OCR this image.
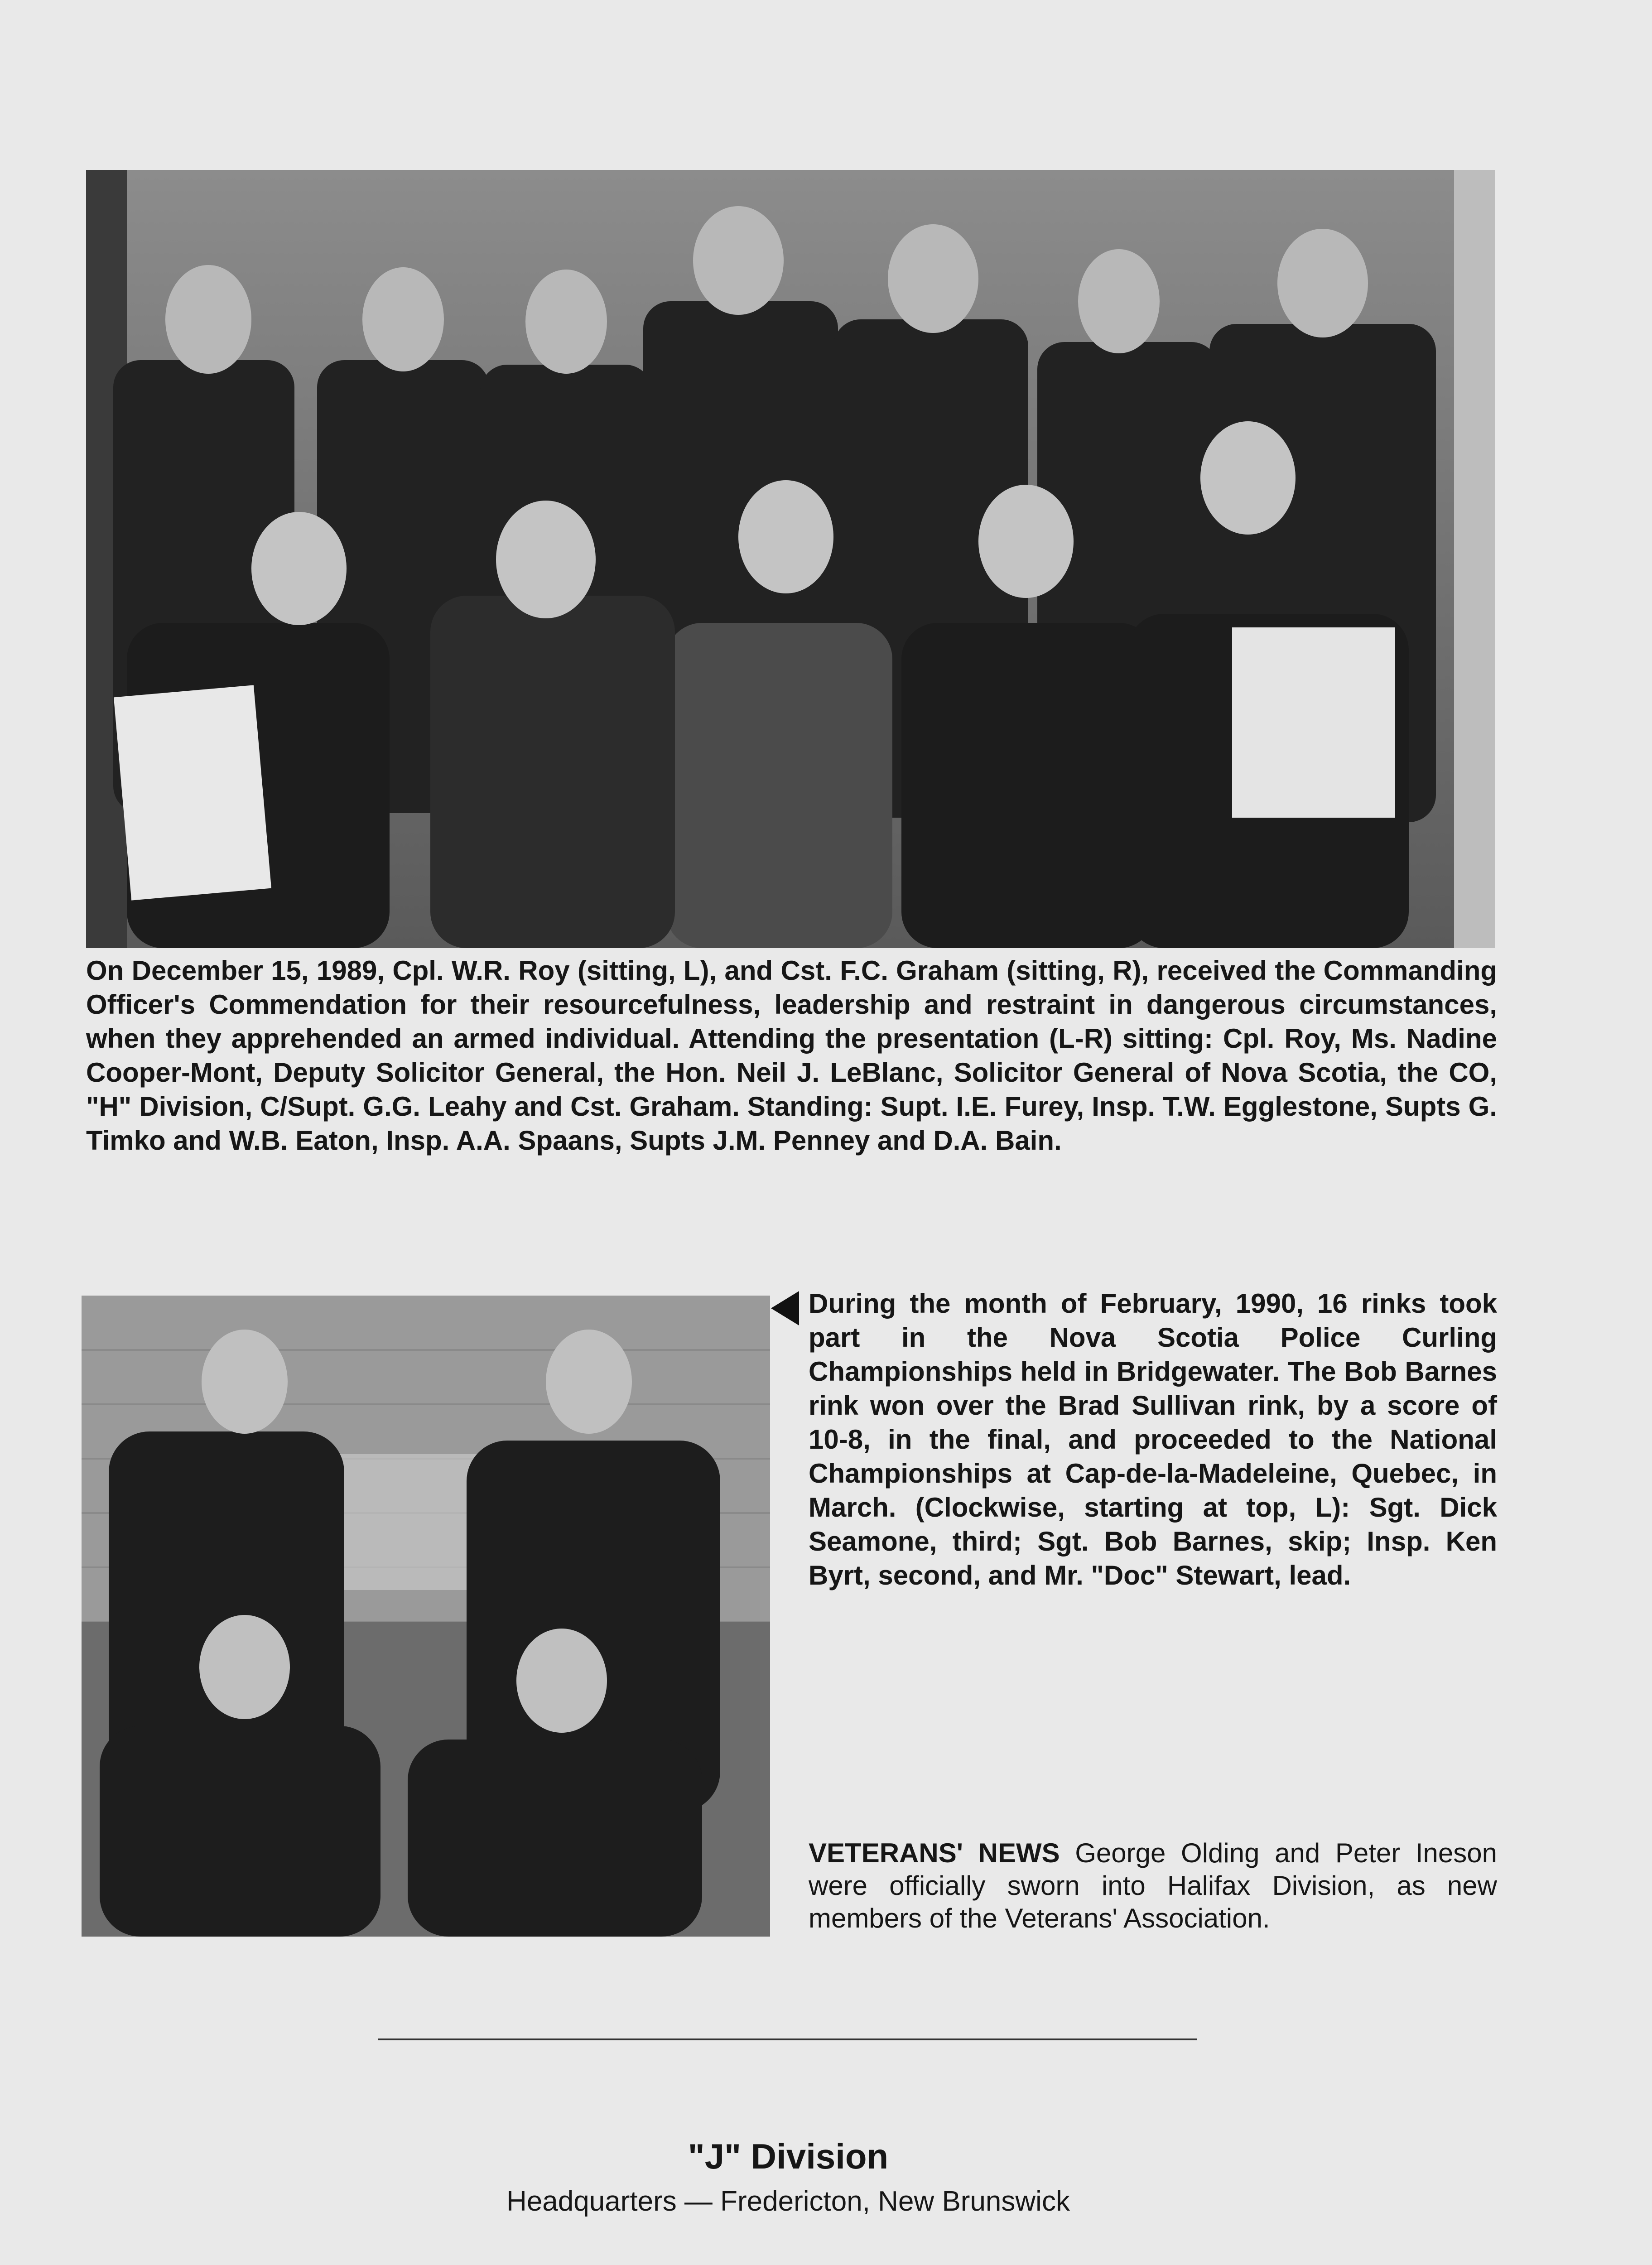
On December 15, 1989, Cpl. W.R. Roy (sitting, L), and Cst. F.C. Graham (sitting, R), received the Commanding Officer's Commendation for their resourcefulness, leadership and restraint in dangerous circumstances, when they apprehended an armed individual. Attending the presentation (L-R) sitting: Cpl. Roy, Ms. Nadine Cooper-Mont, Deputy Solicitor General, the Hon. Neil J. LeBlanc, Solicitor General of Nova Scotia, the CO, "H" Division, C/Supt. G.G. Leahy and Cst. Graham. Standing: Supt. I.E. Furey, Insp. T.W. Egglestone, Supts G. Timko and W.B. Eaton, Insp. A.A. Spaans, Supts J.M. Penney and D.A. Bain.
During the month of February, 1990, 16 rinks took part in the Nova Scotia Police Curling Championships held in Bridgewater. The Bob Barnes rink won over the Brad Sullivan rink, by a score of 10-8, in the final, and proceeded to the National Championships at Cap-de-la-Madeleine, Quebec, in March. (Clockwise, starting at top, L): Sgt. Dick Seamone, third; Sgt. Bob Barnes, skip; Insp. Ken Byrt, second, and Mr. "Doc" Stewart, lead.
VETERANS' NEWS George Olding and Peter Ineson were officially sworn into Halifax Division, as new members of the Veterans' Association.
"J" Division
Headquarters — Fredericton, New Brunswick
